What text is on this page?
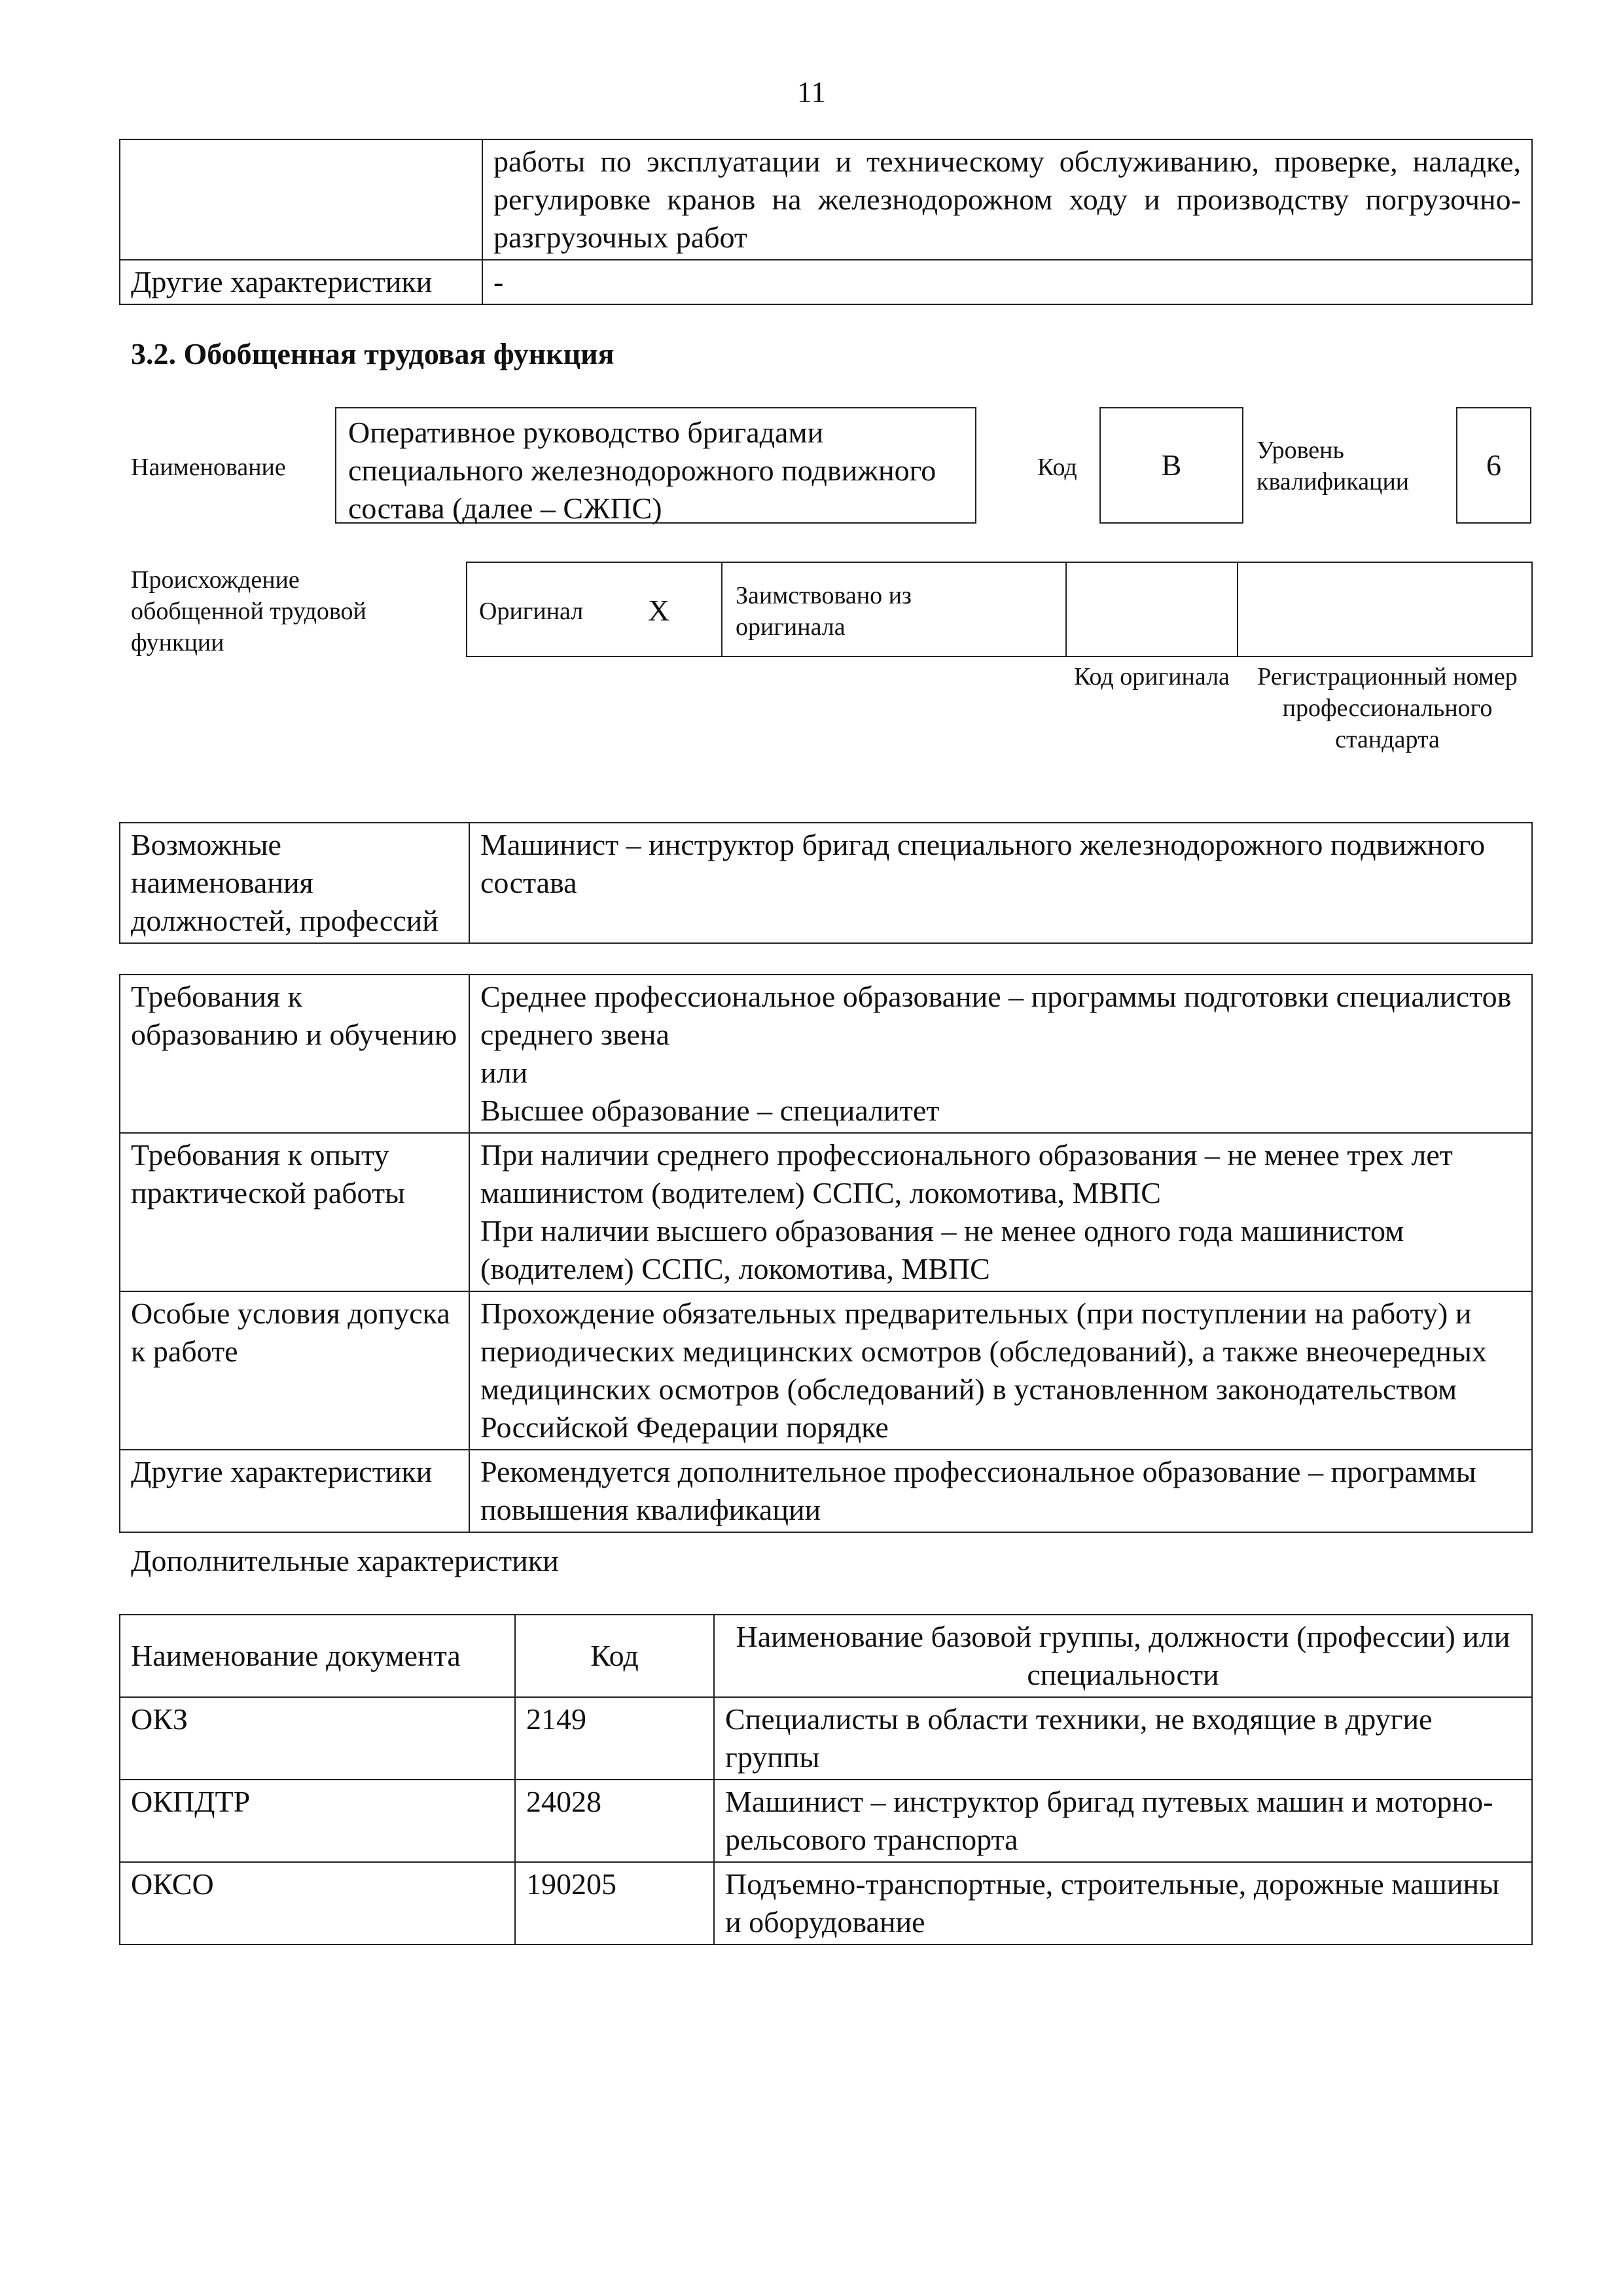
11
	работы по эксплуатации и техническому обслуживанию, проверке, наладке, регулировке кранов на железнодорожном ходу и производству погрузочно-разгрузочных работ
Другие характеристики	-
3.2. Обобщенная трудовая функция
Наименование
Оперативное руководство бригадами специального железнодорожного подвижного состава (далее – СЖПС)
Код	B	Уровень квалификации	6
Происхождение обобщенной трудовой функции
Оригинал X	Заимствовано из оригинала
Код оригинала	Регистрационный номер профессионального стандарта
Возможные наименования должностей, профессий	Машинист – инструктор бригад специального железнодорожного подвижного состава
Требования к образованию и обучению	Среднее профессиональное образование – программы подготовки специалистов среднего звена
или
Высшее образование – специалитет

Требования к опыту практической работы	При наличии среднего профессионального образования – не менее трех лет машинистом (водителем) ССПС, локомотива, МВПС
При наличии высшего образования – не менее одного года машинистом (водителем) ССПС, локомотива, МВПС

Особые условия допуска к работе	Прохождение обязательных предварительных (при поступлении на работу) и периодических медицинских осмотров (обследований), а также внеочередных медицинских осмотров (обследований) в установленном законодательством Российской Федерации порядке

Другие характеристики	Рекомендуется дополнительное профессиональное образование – программы повышения квалификации
Дополнительные характеристики
Наименование документа	Код	Наименование базовой группы, должности (профессии) или специальности
ОКЗ	2149	Специалисты в области техники, не входящие в другие группы
ОКПДТР	24028	Машинист – инструктор бригад путевых машин и моторно-рельсового транспорта
ОКСО	190205	Подъемно-транспортные, строительные, дорожные машины и оборудование
